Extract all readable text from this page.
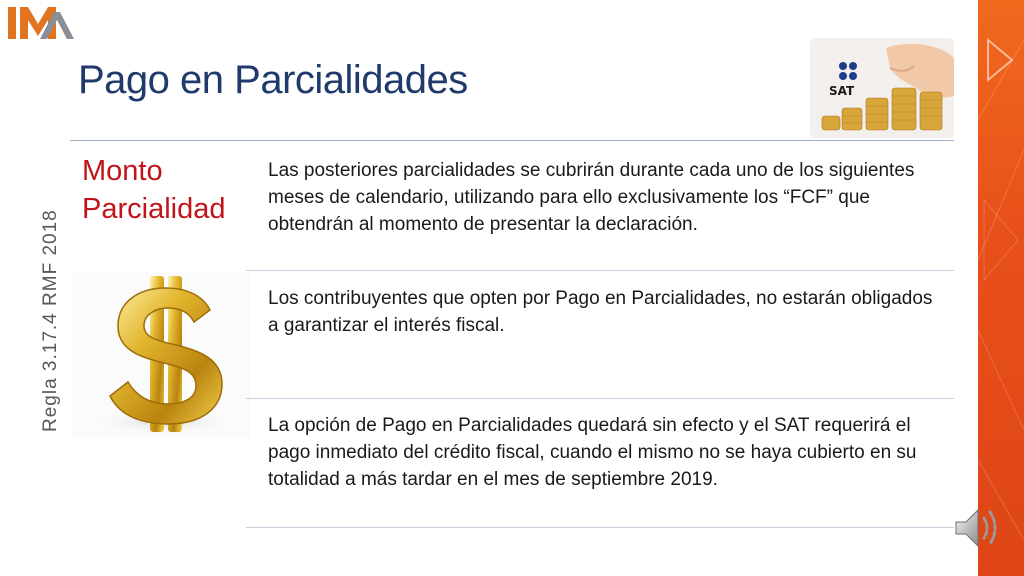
Pago en Parcialidades	SAT
Regla 3.17.4 RMF 2018
Monto
Parcialidad

Las posteriores parcialidades se cubrirán durante cada uno de los siguientes meses de calendario, utilizando para ello exclusivamente los “FCF” que obtendrán al momento de presentar la declaración.

Los contribuyentes que opten por Pago en Parcialidades, no estarán obligados a garantizar el interés fiscal.

La opción de Pago en Parcialidades quedará sin efecto y el SAT requerirá el pago inmediato del crédito fiscal, cuando el mismo no se haya cubierto en su totalidad a más tardar en el mes de septiembre 2019.
